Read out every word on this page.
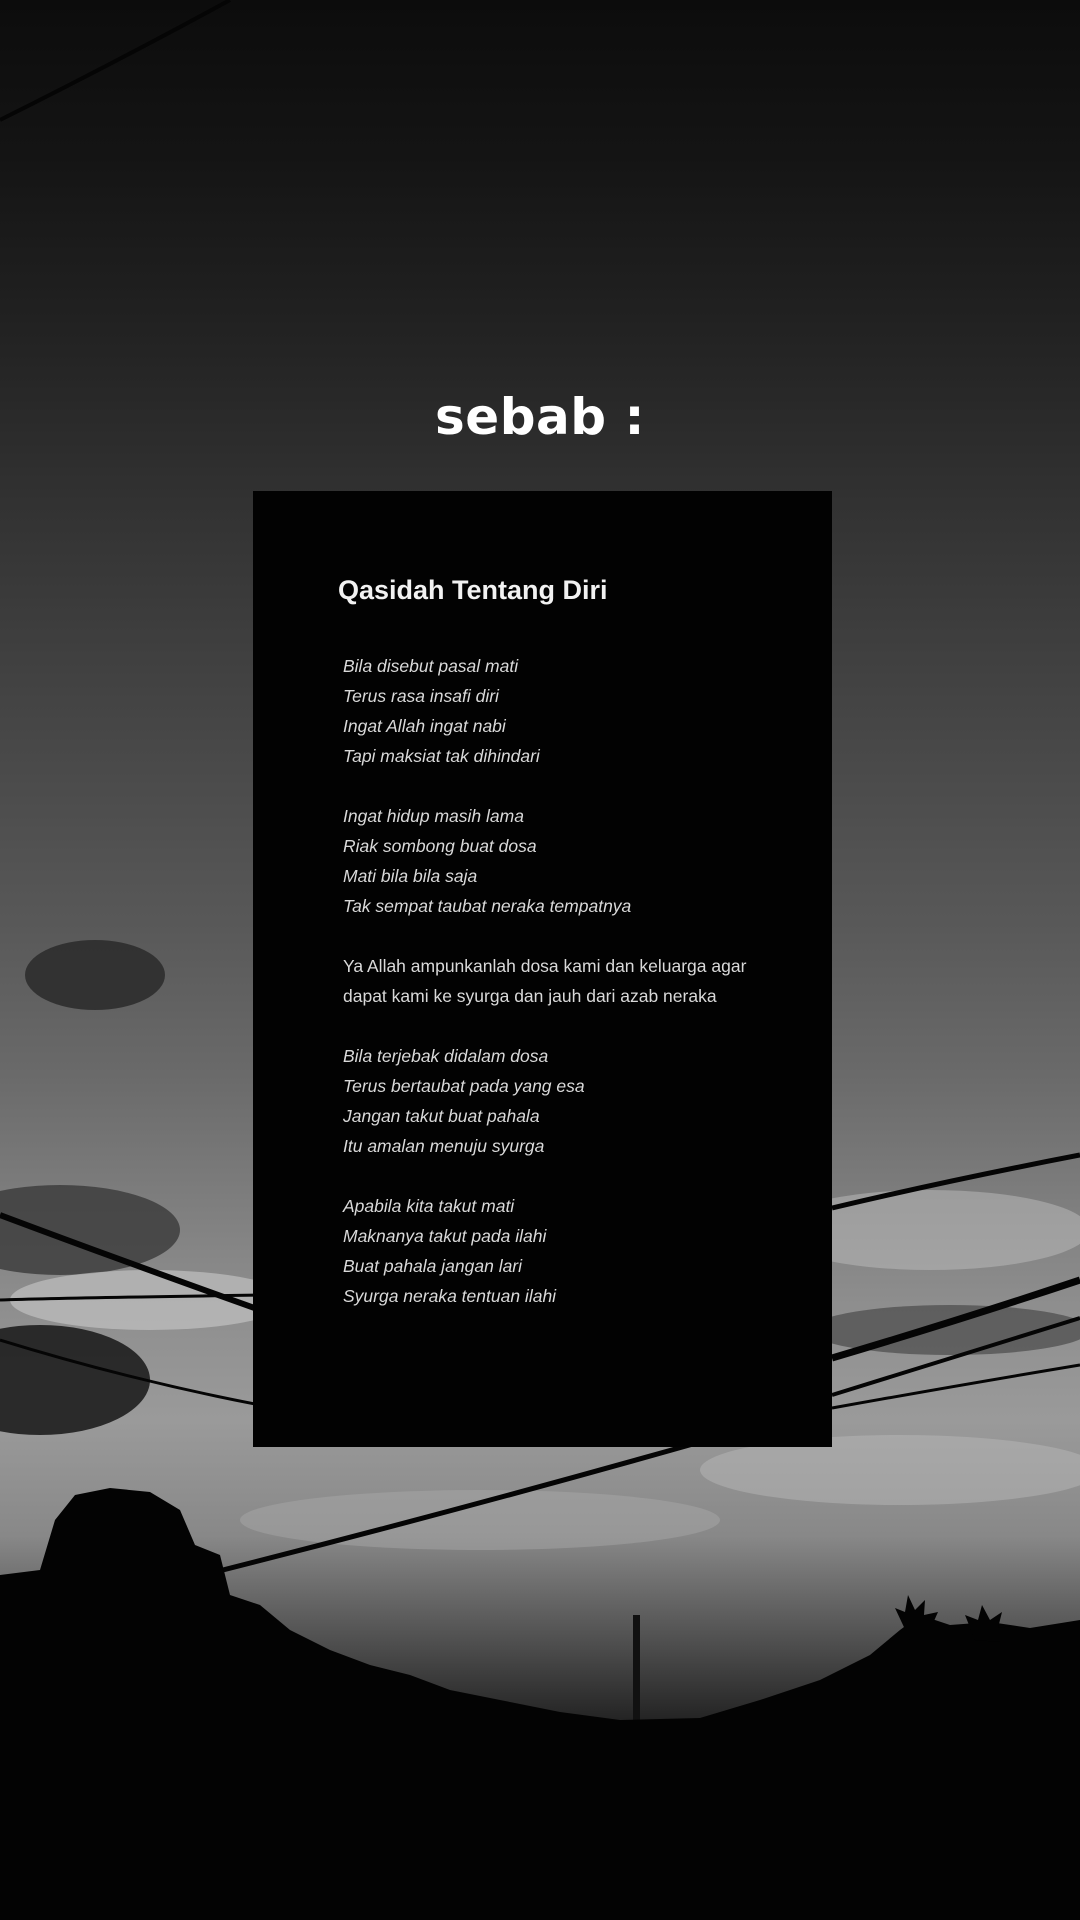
sebab :
Qasidah Tentang Diri
Bila disebut pasal mati
Terus rasa insafi diri
Ingat Allah ingat nabi
Tapi maksiat tak dihindari
Ingat hidup masih lama
Riak sombong buat dosa
Mati bila bila saja
Tak sempat taubat neraka tempatnya
Ya Allah ampunkanlah dosa kami dan keluarga agar dapat kami ke syurga dan jauh dari azab neraka
Bila terjebak didalam dosa
Terus bertaubat pada yang esa
Jangan takut buat pahala
Itu amalan menuju syurga
Apabila kita takut mati
Maknanya takut pada ilahi
Buat pahala jangan lari
Syurga neraka tentuan ilahi
